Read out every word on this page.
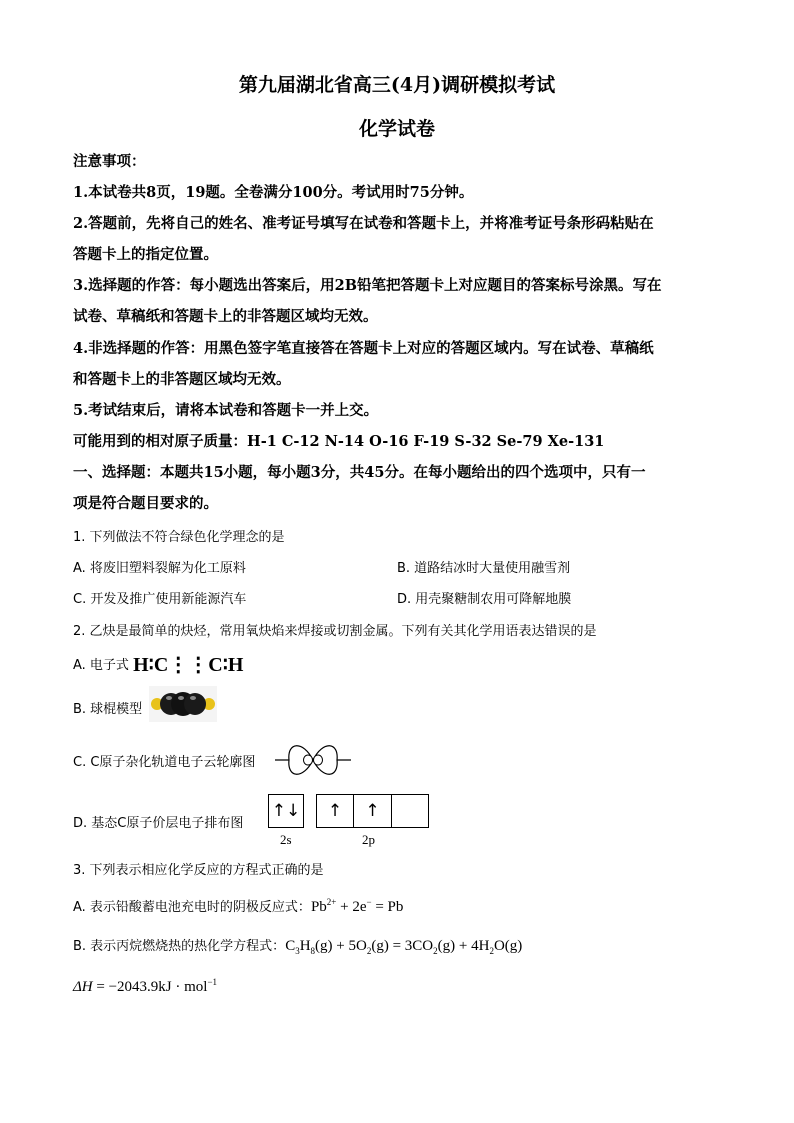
第九届湖北省高三(4月)调研模拟考试
化学试卷
注意事项：
1.本试卷共8页，19题。全卷满分100分。考试用时75分钟。
2.答题前，先将自己的姓名、准考证号填写在试卷和答题卡上，并将准考证号条形码粘贴在
答题卡上的指定位置。
3.选择题的作答：每小题选出答案后，用2B铅笔把答题卡上对应题目的答案标号涂黑。写在
试卷、草稿纸和答题卡上的非答题区域均无效。
4.非选择题的作答：用黑色签字笔直接答在答题卡上对应的答题区域内。写在试卷、草稿纸
和答题卡上的非答题区域均无效。
5.考试结束后，请将本试卷和答题卡一并上交。
可能用到的相对原子质量：H-1 C-12 N-14 O-16 F-19 S-32 Se-79 Xe-131
一、选择题：本题共15小题，每小题3分，共45分。在每小题给出的四个选项中，只有一
项是符合题目要求的。
1. 下列做法不符合绿色化学理念的是
A. 将废旧塑料裂解为化工原料	B. 道路结冰时大量使用融雪剂
C. 开发及推广使用新能源汽车	D. 用壳聚糖制农用可降解地膜
2. 乙炔是最简单的炔烃，常用氧炔焰来焊接或切割金属。下列有关其化学用语表达错误的是
A. 电子式 H∶C⋮⋮C∶H
B. 球棍模型
C. C原子杂化轨道电子云轮廓图
D. 基态C原子价层电子排布图
↑↓	↑	↑
2s	2p
3. 下列表示相应化学反应的方程式正确的是
A. 表示铅酸蓄电池充电时的阴极反应式：$Pb^{2+} + 2e^- = Pb$
B. 表示丙烷燃烧热的热化学方程式：$C_3H_8(g) + 5O_2(g) = 3CO_2(g) + 4H_2O(g)$
ΔH = −2043.9kJ · mol$^{-1}$
